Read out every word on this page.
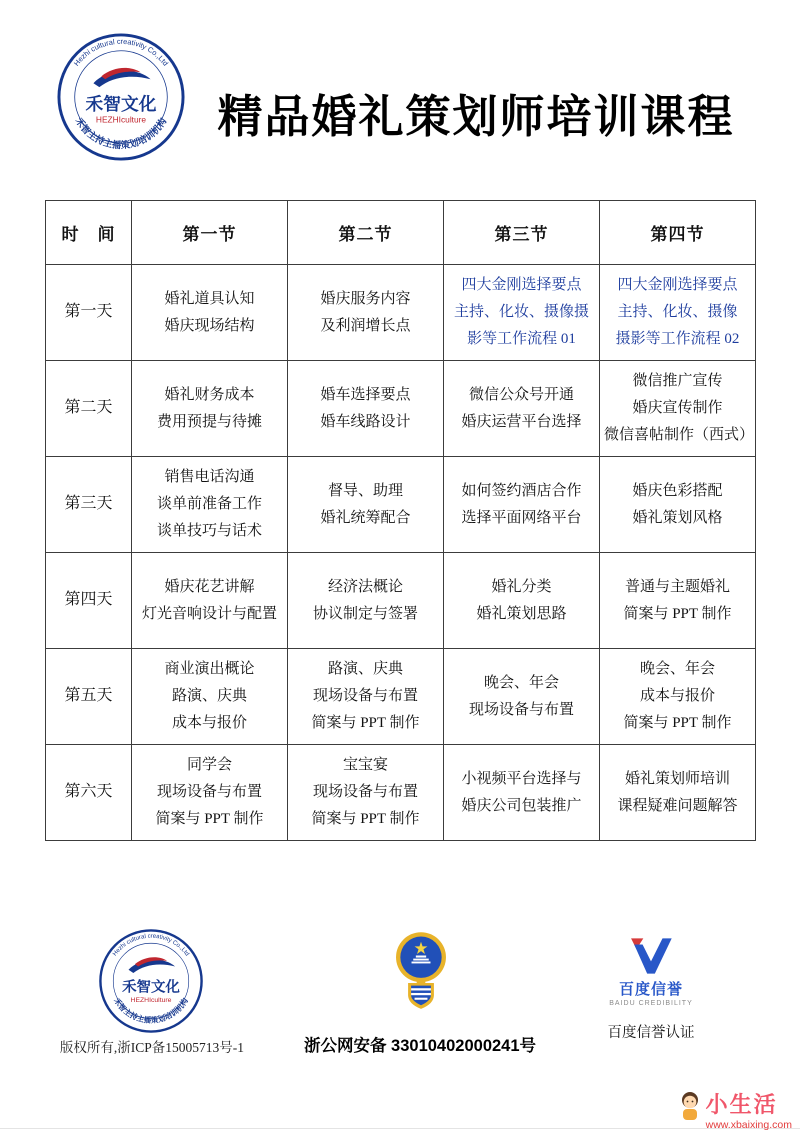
Hezhi cultural creativity Co.,Ltd
禾智主持主播策划培训机构
禾智文化
HEZHIculture	精品婚礼策划师培训课程
时　间	第一节	第二节	第三节	第四节
第一天	
婚礼道具认知
婚庆现场结构

婚庆服务内容
及利润增长点

四大金刚选择要点
主持、化妆、摄像摄
影等工作流程 01

四大金刚选择要点
主持、化妆、摄像
摄影等工作流程 02

第二天	
婚礼财务成本
费用预提与待摊

婚车选择要点
婚车线路设计

微信公众号开通
婚庆运营平台选择

微信推广宣传
婚庆宣传制作
微信喜帖制作（西式）

第三天	
销售电话沟通
谈单前准备工作
谈单技巧与话术

督导、助理
婚礼统筹配合

如何签约酒店合作
选择平面网络平台

婚庆色彩搭配
婚礼策划风格

第四天	
婚庆花艺讲解
灯光音响设计与配置

经济法概论
协议制定与签署

婚礼分类
婚礼策划思路

普通与主题婚礼
简案与 PPT 制作

第五天	
商业演出概论
路演、庆典
成本与报价

路演、庆典
现场设备与布置
简案与 PPT 制作

晚会、年会
现场设备与布置

晚会、年会
成本与报价
简案与 PPT 制作

第六天	
同学会
现场设备与布置
简案与 PPT 制作

宝宝宴
现场设备与布置
简案与 PPT 制作

小视频平台选择与
婚庆公司包装推广

婚礼策划师培训
课程疑难问题解答
Hezhi cultural creativity Co.,Ltd
禾智主持主播策划培训机构
禾智文化
HEZHIculture
版权所有,浙ICP备15005713号-1	浙公网安备 33010402000241号
百度信誉
BAIDU CREDIBILITY
百度信誉认证
小生活
www.xbaixing.com
